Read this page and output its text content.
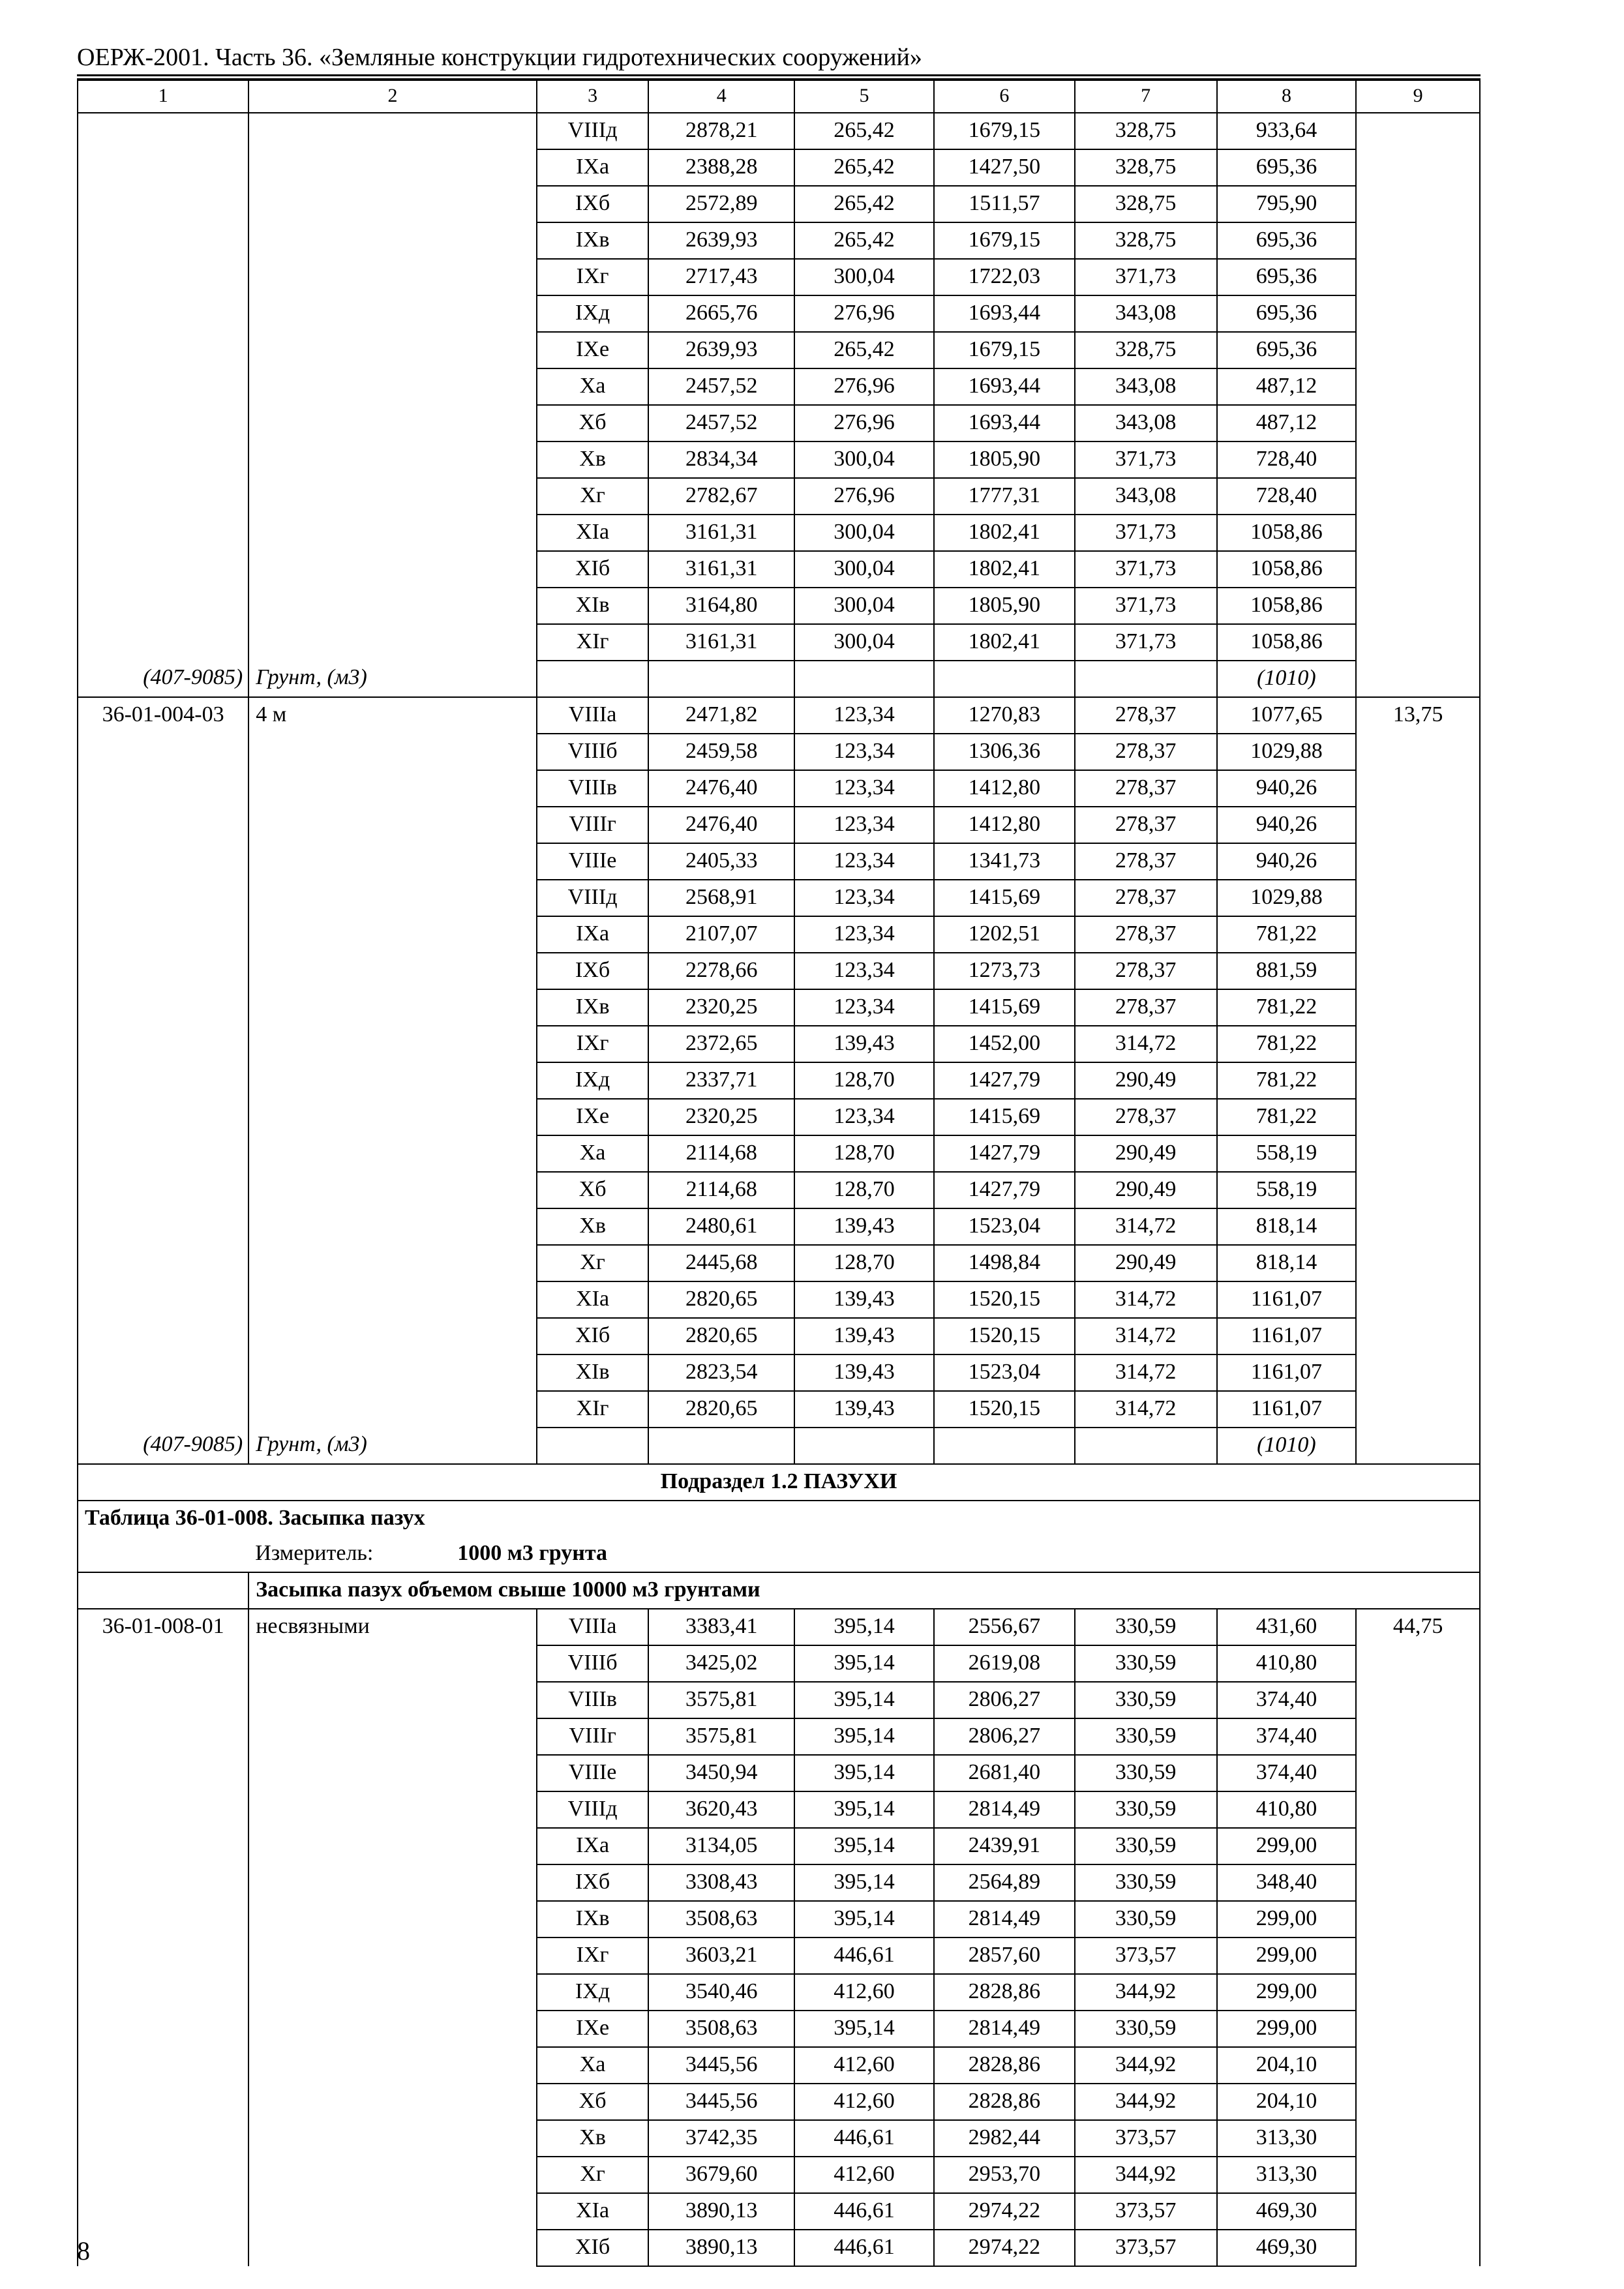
ОЕРЖ-2001. Часть 36. «Земляные конструкции гидротехнических сооружений»
1	2	3	4	5	6	7	8	9
		VIIIд	2878,21	265,42	1679,15	328,75	933,64	
		IXа	2388,28	265,42	1427,50	328,75	695,36	
		IXб	2572,89	265,42	1511,57	328,75	795,90	
		IXв	2639,93	265,42	1679,15	328,75	695,36	
		IXг	2717,43	300,04	1722,03	371,73	695,36	
		IXд	2665,76	276,96	1693,44	343,08	695,36	
		IXе	2639,93	265,42	1679,15	328,75	695,36	
		Xа	2457,52	276,96	1693,44	343,08	487,12	
		Xб	2457,52	276,96	1693,44	343,08	487,12	
		Xв	2834,34	300,04	1805,90	371,73	728,40	
		Xг	2782,67	276,96	1777,31	343,08	728,40	
		XIа	3161,31	300,04	1802,41	371,73	1058,86	
		XIб	3161,31	300,04	1802,41	371,73	1058,86	
		XIв	3164,80	300,04	1805,90	371,73	1058,86	
		XIг	3161,31	300,04	1802,41	371,73	1058,86	
(407-9085)	Грунт, (м3)						(1010)	
36-01-004-03	4 м	VIIIа	2471,82	123,34	1270,83	278,37	1077,65	13,75
		VIIIб	2459,58	123,34	1306,36	278,37	1029,88	
		VIIIв	2476,40	123,34	1412,80	278,37	940,26	
		VIIIг	2476,40	123,34	1412,80	278,37	940,26	
		VIIIе	2405,33	123,34	1341,73	278,37	940,26	
		VIIIд	2568,91	123,34	1415,69	278,37	1029,88	
		IXа	2107,07	123,34	1202,51	278,37	781,22	
		IXб	2278,66	123,34	1273,73	278,37	881,59	
		IXв	2320,25	123,34	1415,69	278,37	781,22	
		IXг	2372,65	139,43	1452,00	314,72	781,22	
		IXд	2337,71	128,70	1427,79	290,49	781,22	
		IXе	2320,25	123,34	1415,69	278,37	781,22	
		Xа	2114,68	128,70	1427,79	290,49	558,19	
		Xб	2114,68	128,70	1427,79	290,49	558,19	
		Xв	2480,61	139,43	1523,04	314,72	818,14	
		Xг	2445,68	128,70	1498,84	290,49	818,14	
		XIа	2820,65	139,43	1520,15	314,72	1161,07	
		XIб	2820,65	139,43	1520,15	314,72	1161,07	
		XIв	2823,54	139,43	1523,04	314,72	1161,07	
		XIг	2820,65	139,43	1520,15	314,72	1161,07	
(407-9085)	Грунт, (м3)						(1010)	
Подраздел 1.2 ПАЗУХИ								
Таблица 36-01-008. Засыпка пазух								
	Измеритель: 1000 м3 грунта							
	Засыпка пазух объемом свыше 10000 м3 грунтами							
36-01-008-01	несвязными	VIIIа	3383,41	395,14	2556,67	330,59	431,60	44,75
		VIIIб	3425,02	395,14	2619,08	330,59	410,80	
		VIIIв	3575,81	395,14	2806,27	330,59	374,40	
		VIIIг	3575,81	395,14	2806,27	330,59	374,40	
		VIIIе	3450,94	395,14	2681,40	330,59	374,40	
		VIIIд	3620,43	395,14	2814,49	330,59	410,80	
		IXа	3134,05	395,14	2439,91	330,59	299,00	
		IXб	3308,43	395,14	2564,89	330,59	348,40	
		IXв	3508,63	395,14	2814,49	330,59	299,00	
		IXг	3603,21	446,61	2857,60	373,57	299,00	
		IXд	3540,46	412,60	2828,86	344,92	299,00	
		IXе	3508,63	395,14	2814,49	330,59	299,00	
		Xа	3445,56	412,60	2828,86	344,92	204,10	
		Xб	3445,56	412,60	2828,86	344,92	204,10	
		Xв	3742,35	446,61	2982,44	373,57	313,30	
		Xг	3679,60	412,60	2953,70	344,92	313,30	
		XIа	3890,13	446,61	2974,22	373,57	469,30	
		XIб	3890,13	446,61	2974,22	373,57	469,30	
8
